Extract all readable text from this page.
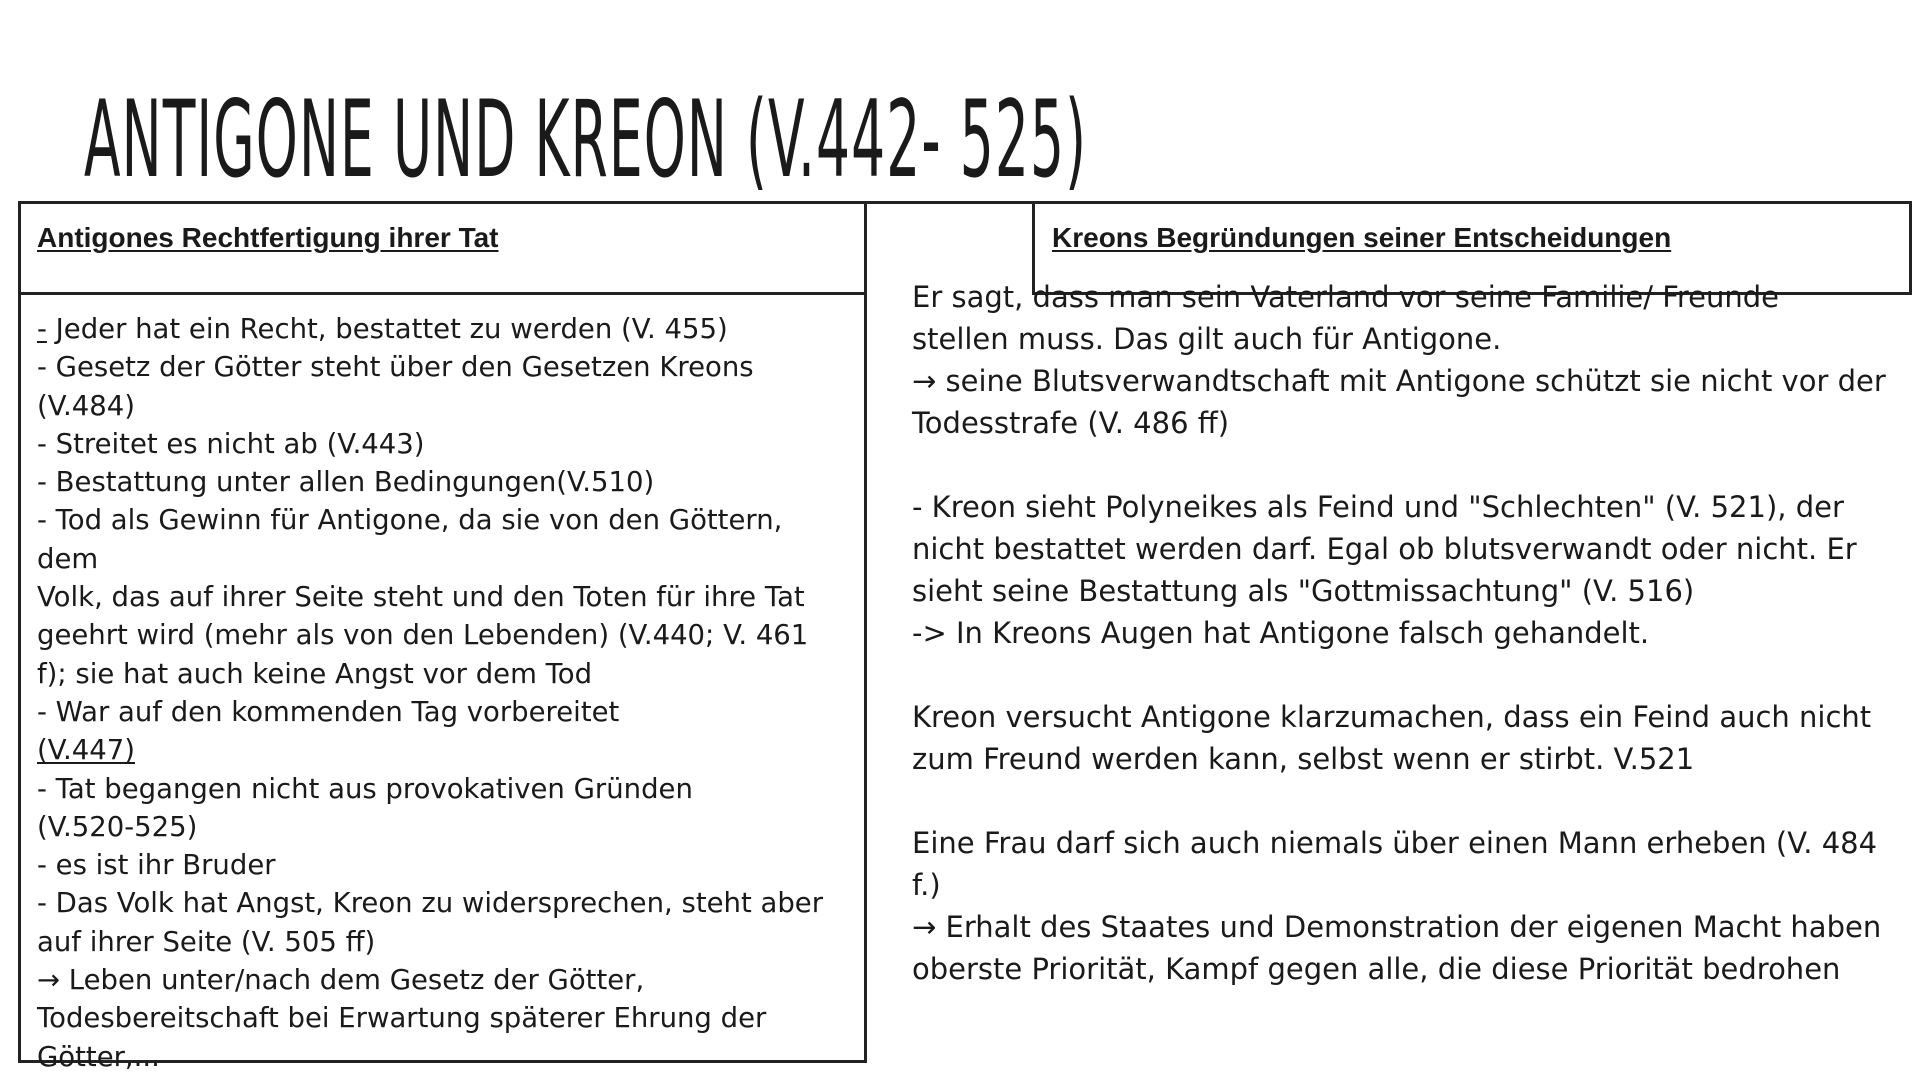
ANTIGONE UND KREON (V.442- 525)
Antigones Rechtfertigung ihrer Tat	Kreons Begründungen seiner Entscheidungen
- Jeder hat ein Recht, bestattet zu werden (V. 455)
- Gesetz der Götter steht über den Gesetzen Kreons
(V.484)
- Streitet es nicht ab (V.443)
- Bestattung unter allen Bedingungen(V.510)
- Tod als Gewinn für Antigone, da sie von den Göttern, dem
Volk, das auf ihrer Seite steht und den Toten für ihre Tat
geehrt wird (mehr als von den Lebenden) (V.440; V. 461
f); sie hat auch keine Angst vor dem Tod
- War auf den kommenden Tag vorbereitet
(V.447)
- Tat begangen nicht aus provokativen Gründen
(V.520-525)
- es ist ihr Bruder
- Das Volk hat Angst, Kreon zu widersprechen, steht aber
auf ihrer Seite (V. 505 ff)
→ Leben unter/nach dem Gesetz der Götter,
Todesbereitschaft bei Erwartung späterer Ehrung der
Götter,...

Er sagt, dass man sein Vaterland vor seine Familie/ Freunde

stellen muss. Das gilt auch für Antigone.

→ seine Blutsverwandtschaft mit Antigone schützt sie nicht vor der

Todesstrafe (V. 486 ff)

- Kreon sieht Polyneikes als Feind und "Schlechten" (V. 521), der

nicht bestattet werden darf. Egal ob blutsverwandt oder nicht. Er

sieht seine Bestattung als "Gottmissachtung" (V. 516)

-> In Kreons Augen hat Antigone falsch gehandelt.

Kreon versucht Antigone klarzumachen, dass ein Feind auch nicht

zum Freund werden kann, selbst wenn er stirbt. V.521

Eine Frau darf sich auch niemals über einen Mann erheben (V. 484

f.)

→ Erhalt des Staates und Demonstration der eigenen Macht haben

oberste Priorität, Kampf gegen alle, die diese Priorität bedrohen
